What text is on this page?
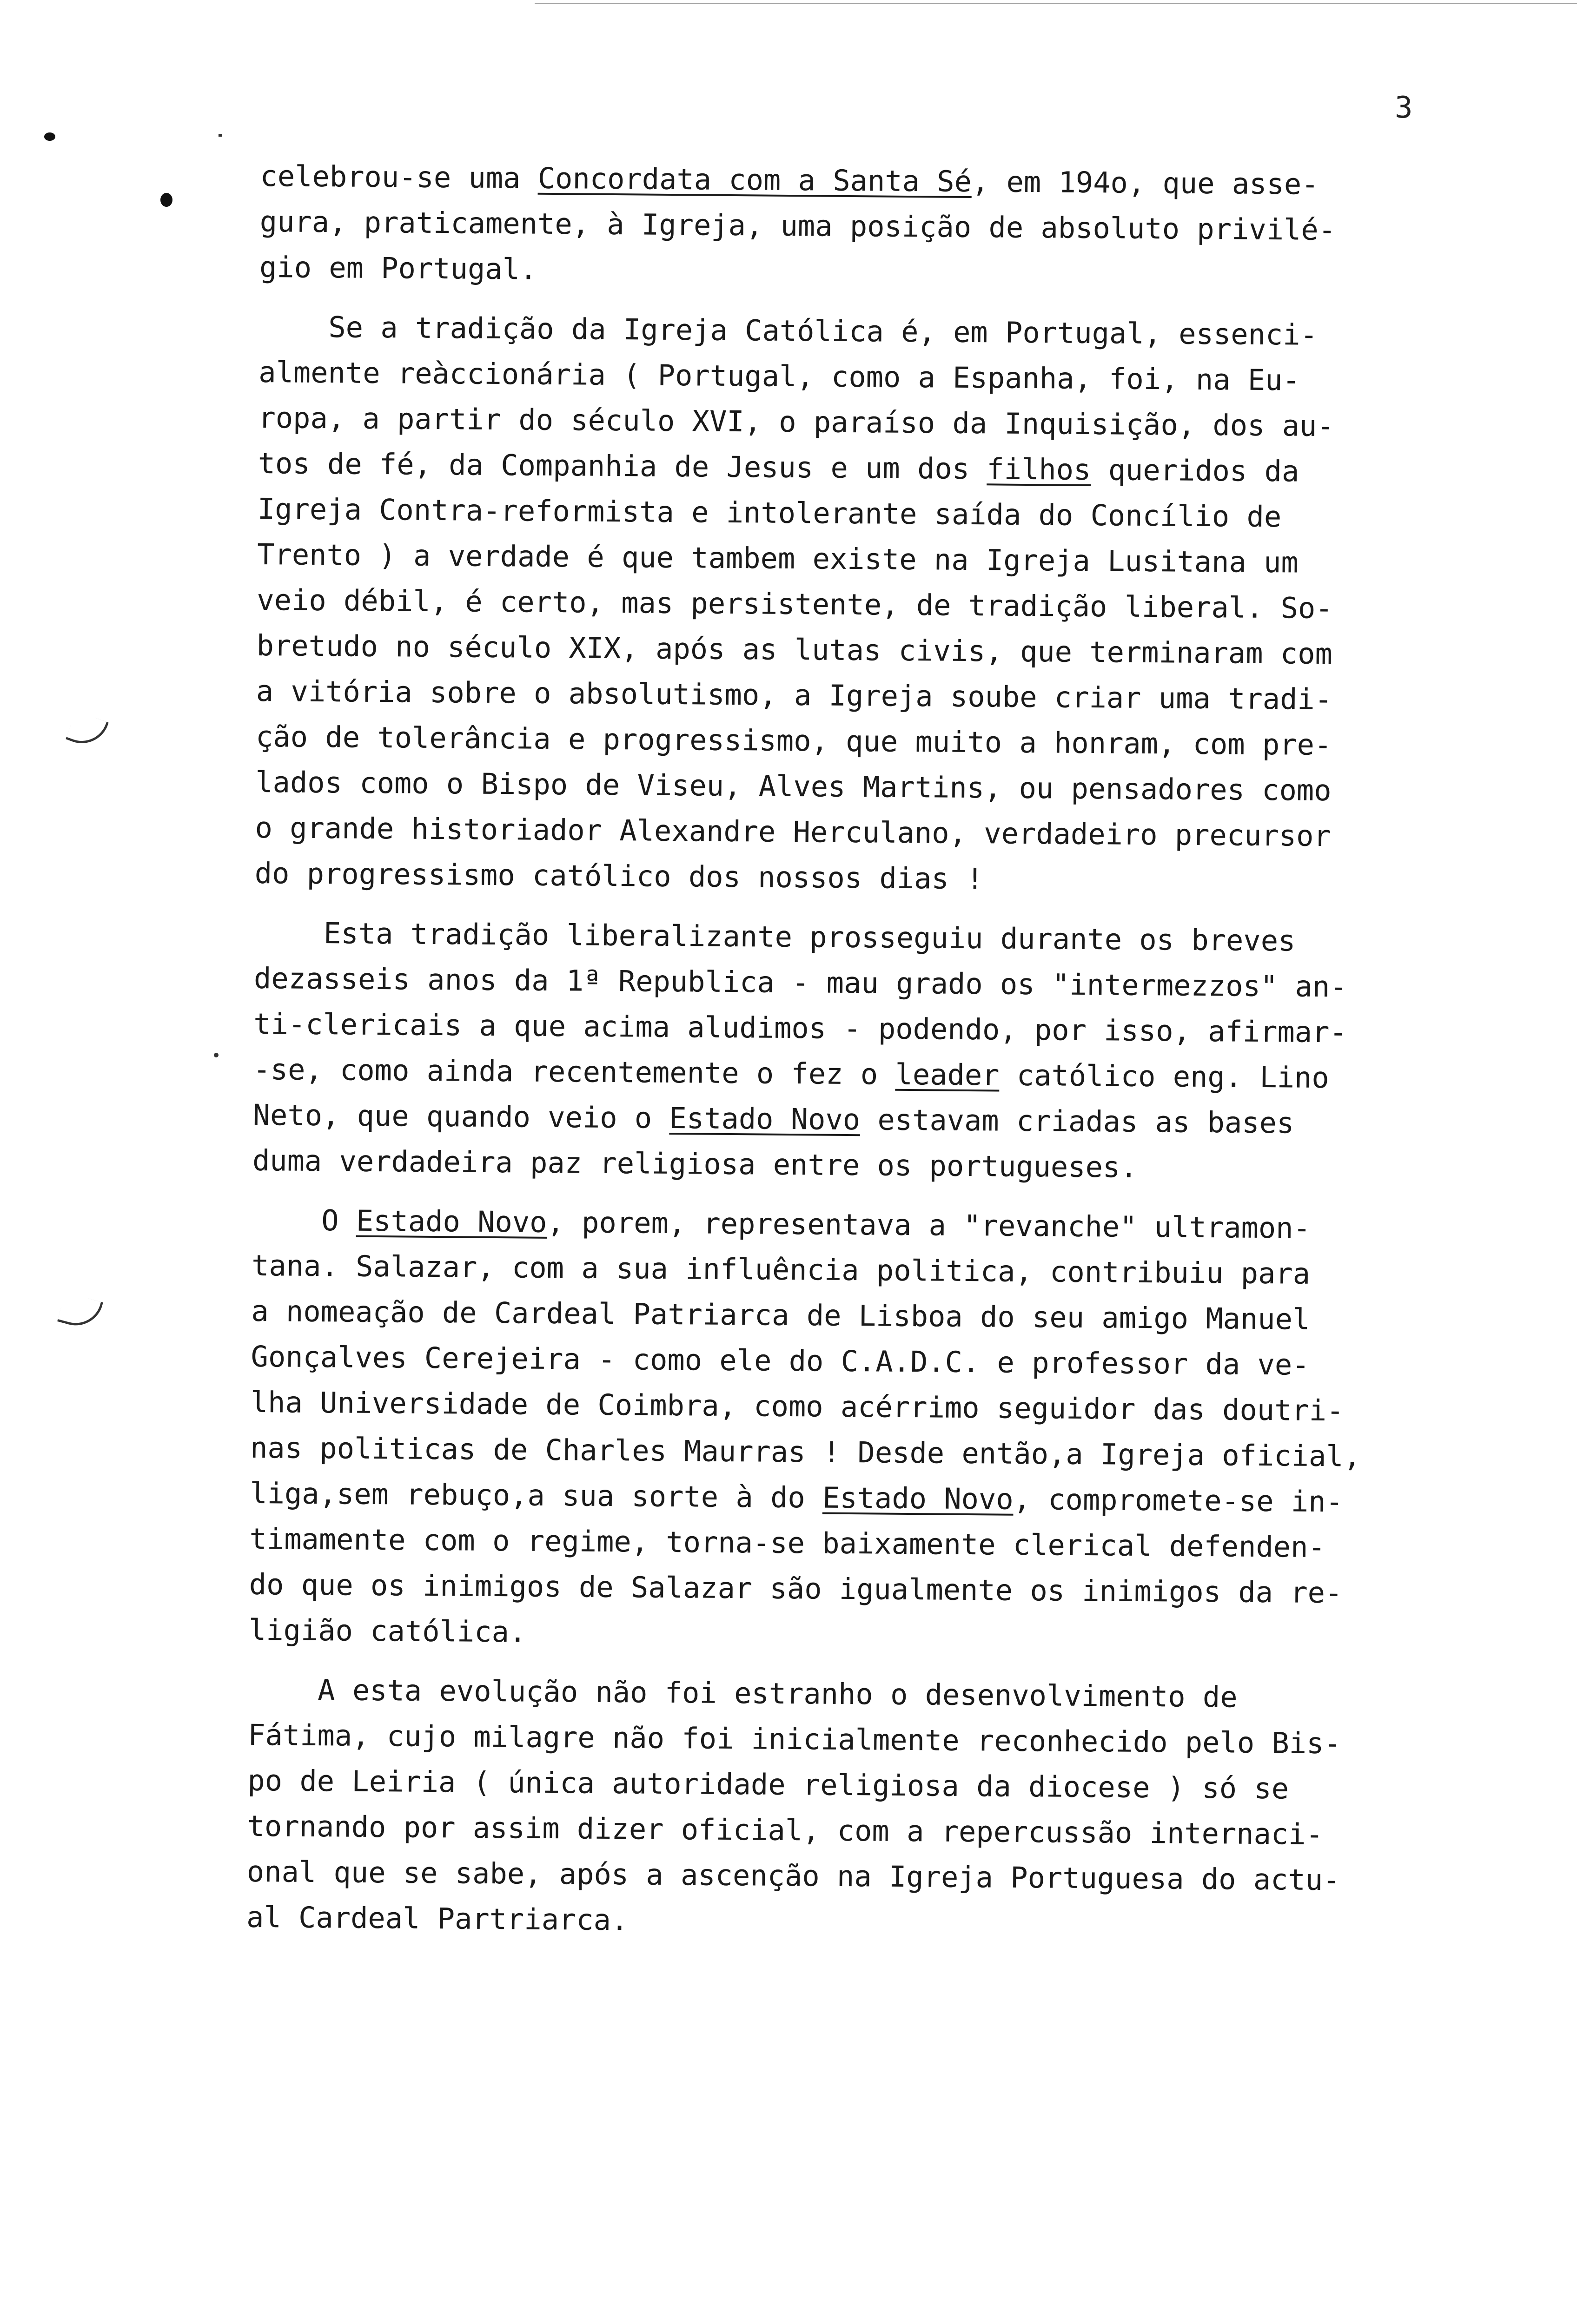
3
celebrou-se uma Concordata com a Santa Sé, em 194o, que asse-
gura, praticamente, à Igreja, uma posição de absoluto privilé-
gio em Portugal.
Se a tradição da Igreja Católica é, em Portugal, essenci-
almente reàccionária ( Portugal, como a Espanha, foi, na Eu-
ropa, a partir do século XVI, o paraíso da Inquisição, dos au-
tos de fé, da Companhia de Jesus e um dos filhos queridos da
Igreja Contra-reformista e intolerante saída do Concílio de
Trento ) a verdade é que tambem existe na Igreja Lusitana um
veio débil, é certo, mas persistente, de tradição liberal. So-
bretudo no século XIX, após as lutas civis, que terminaram com
a vitória sobre o absolutismo, a Igreja soube criar uma tradi-
ção de tolerância e progressismo, que muito a honram, com pre-
lados como o Bispo de Viseu, Alves Martins, ou pensadores como
o grande historiador Alexandre Herculano, verdadeiro precursor
do progressismo católico dos nossos dias !
Esta tradição liberalizante prosseguiu durante os breves
dezasseis anos da 1ª Republica - mau grado os "intermezzos" an-
ti-clericais a que acima aludimos - podendo, por isso, afirmar-
-se, como ainda recentemente o fez o leader católico eng. Lino
Neto, que quando veio o Estado Novo estavam criadas as bases
duma verdadeira paz religiosa entre os portugueses.
O Estado Novo, porem, representava a "revanche" ultramon-
tana. Salazar, com a sua influência politica, contribuiu para
a nomeação de Cardeal Patriarca de Lisboa do seu amigo Manuel
Gonçalves Cerejeira - como ele do C.A.D.C. e professor da ve-
lha Universidade de Coimbra, como acérrimo seguidor das doutri-
nas politicas de Charles Maurras ! Desde então,a Igreja oficial,
liga,sem rebuço,a sua sorte à do Estado Novo, compromete-se in-
timamente com o regime, torna-se baixamente clerical defenden-
do que os inimigos de Salazar são igualmente os inimigos da re-
ligião católica.
A esta evolução não foi estranho o desenvolvimento de
Fátima, cujo milagre não foi inicialmente reconhecido pelo Bis-
po de Leiria ( única autoridade religiosa da diocese ) só se
tornando por assim dizer oficial, com a repercussão internaci-
onal que se sabe, após a ascenção na Igreja Portuguesa do actu-
al Cardeal Partriarca.
